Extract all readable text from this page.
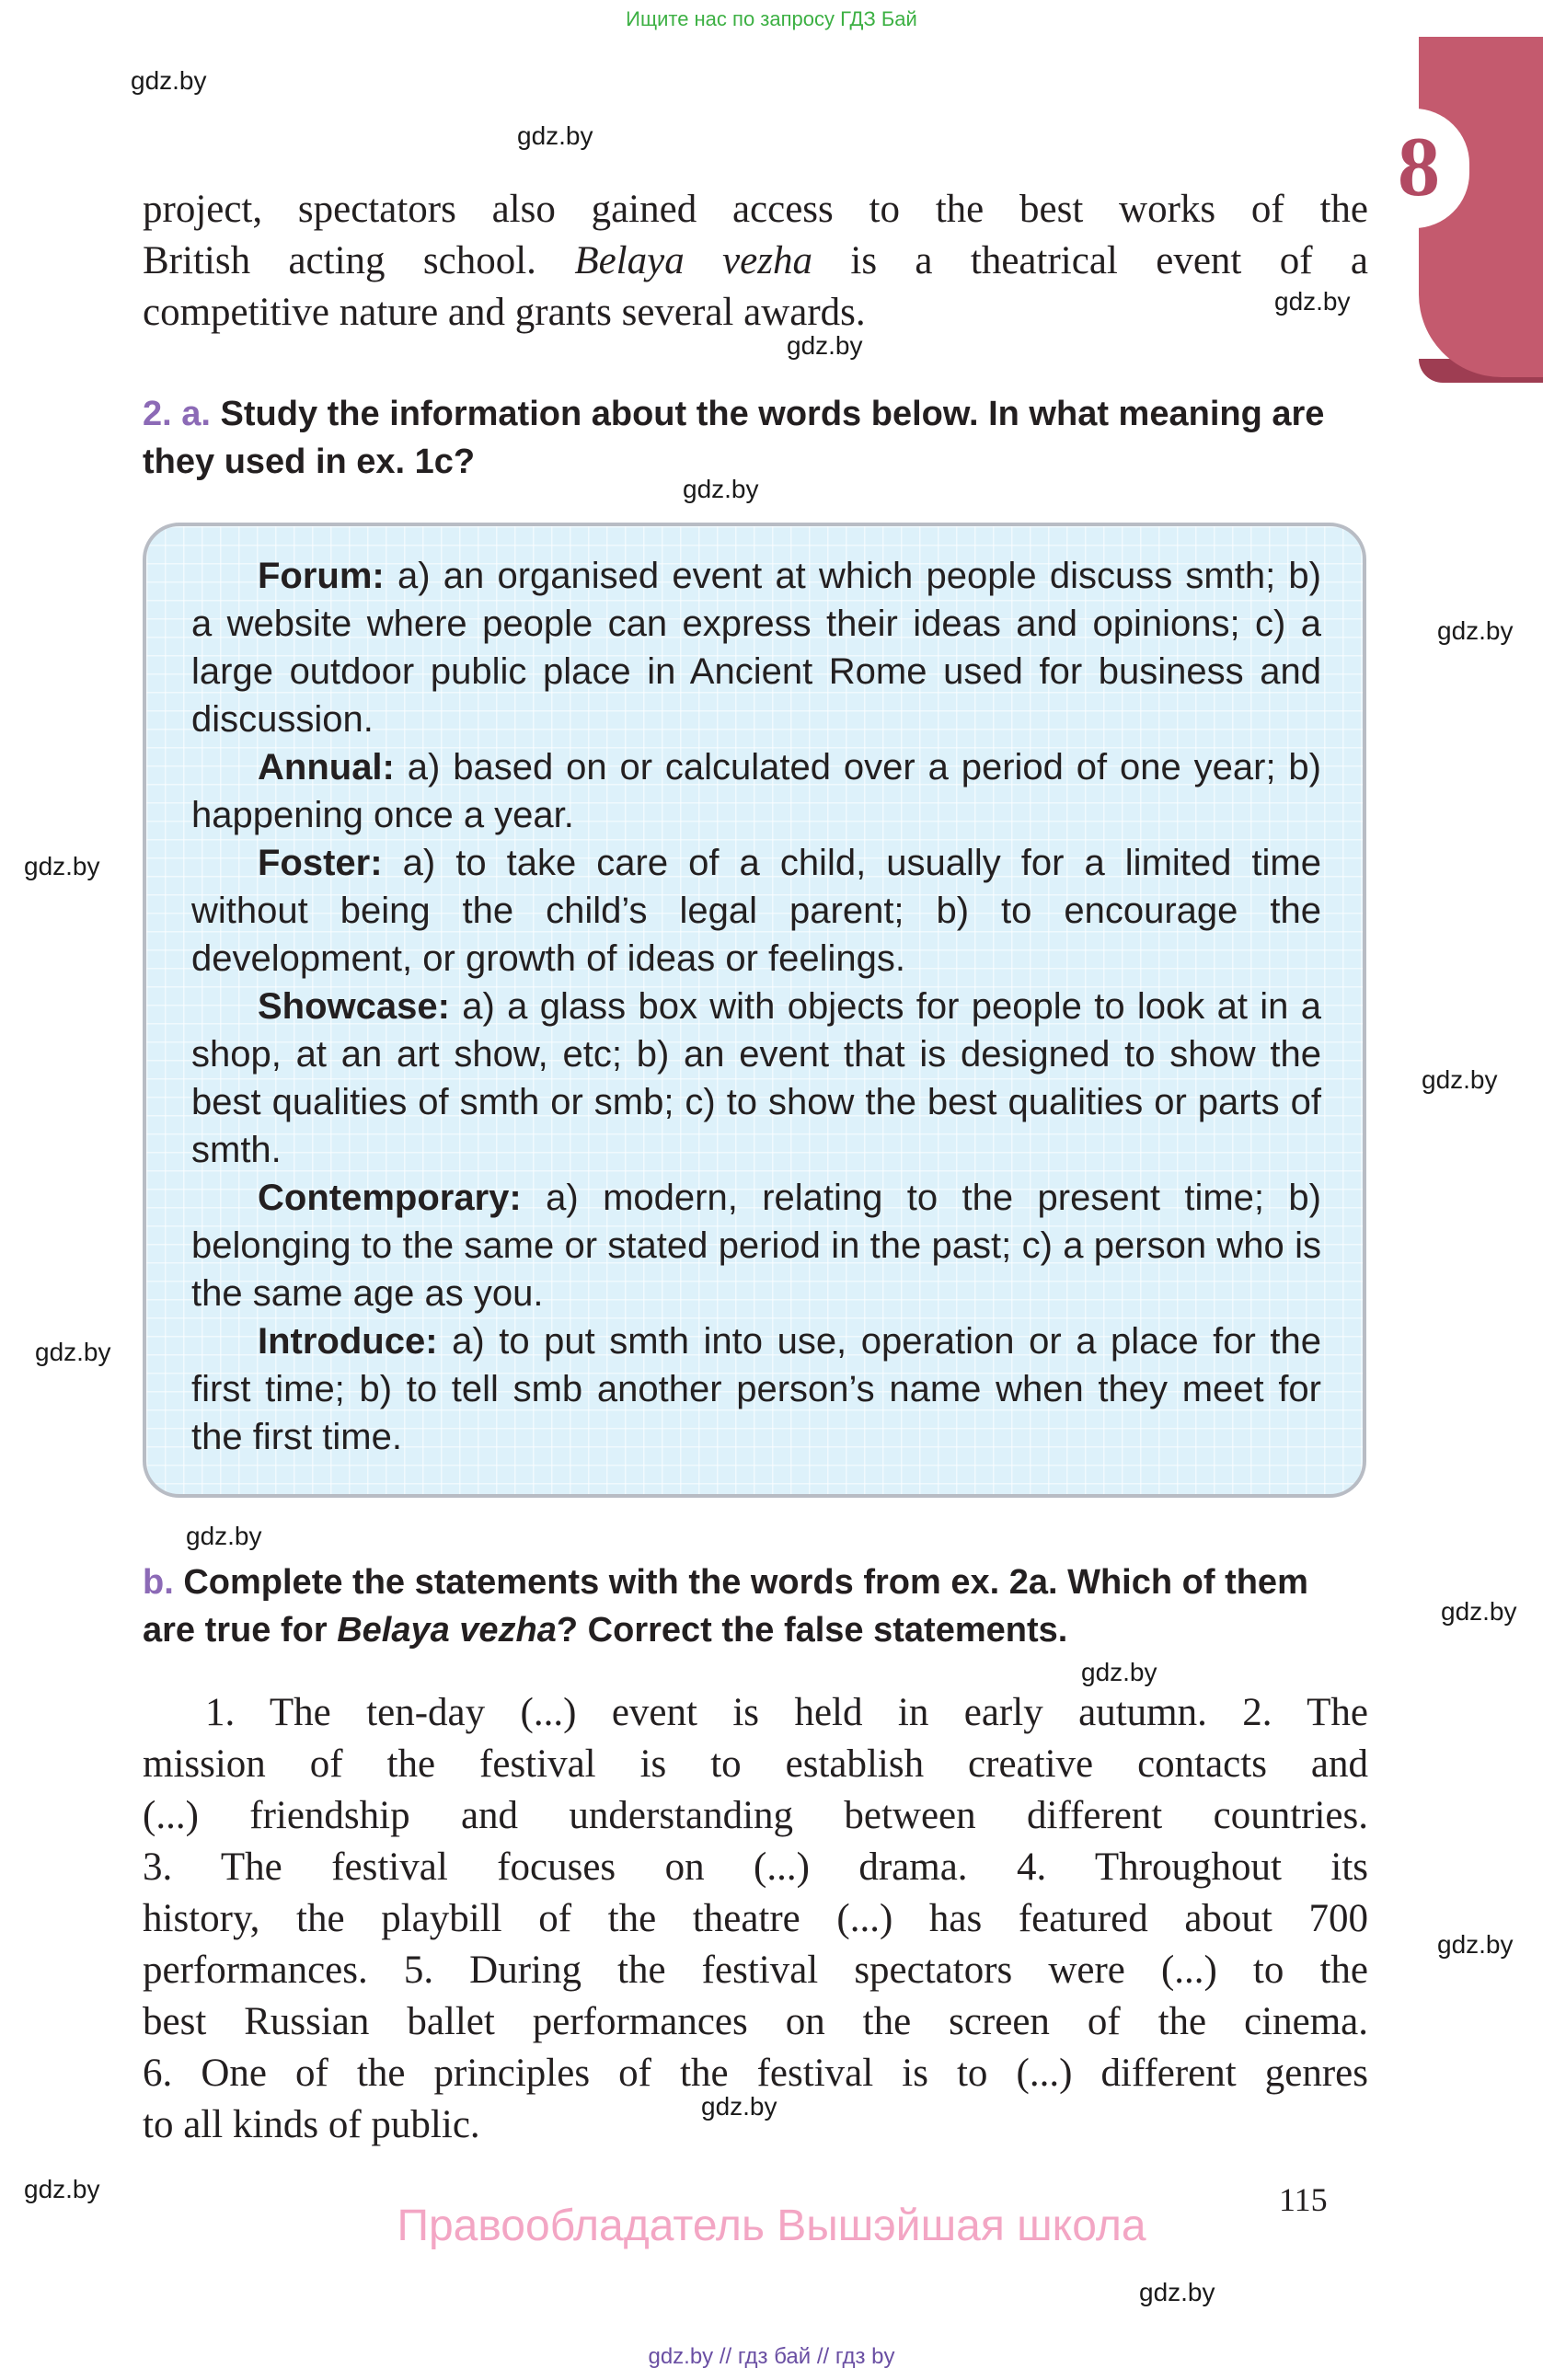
Ищите нас по запросу ГДЗ Бай
8
gdz.by
gdz.by
gdz.by
gdz.by
gdz.by
gdz.by
gdz.by
gdz.by
gdz.by
gdz.by
gdz.by
gdz.by
gdz.by
gdz.by
gdz.by
gdz.by
project, spectators also gained access to the best works of the
British acting school. Belaya vezha is a theatrical event of a
competitive nature and grants several awards.
2. a. Study the information about the words below. In what meaning are they used in ex. 1c?

Forum: a) an organised event at which people discuss smth; b) a website where people can express their ideas and opinions; c) a large outdoor public place in Ancient Rome used for business and discussion.

Annual: a) based on or calculated over a period of one year; b) happening once a year.

Foster: a) to take care of a child, usually for a limited time without being the child’s legal parent; b) to encourage the development, or growth of ideas or feelings.

Showcase: a) a glass box with objects for people to look at in a shop, at an art show, etc; b) an event that is designed to show the best qualities of smth or smb; c) to show the best qualities or parts of smth.

Contemporary: a) modern, relating to the present time; b) belonging to the same or stated period in the past; c) a person who is the same age as you.

Introduce: a) to put smth into use, operation or a place for the first time; b) to tell smb another person’s name when they meet for the first time.

b. Complete the statements with the words from ex. 2a. Which of them are true for Belaya vezha? Correct the false statements.
1. The ten-day (...) event is held in early autumn. 2. The
mission of the festival is to establish creative contacts and
(...) friendship and understanding between different countries.
3. The festival focuses on (...) drama. 4. Throughout its
history, the playbill of the theatre (...) has featured about 700
performances. 5. During the festival spectators were (...) to the
best Russian ballet performances on the screen of the cinema.
6. One of the principles of the festival is to (...) different genres
to all kinds of public.
115
Правообладатель Вышэйшая школа
gdz.by // гдз бай // гдз by
